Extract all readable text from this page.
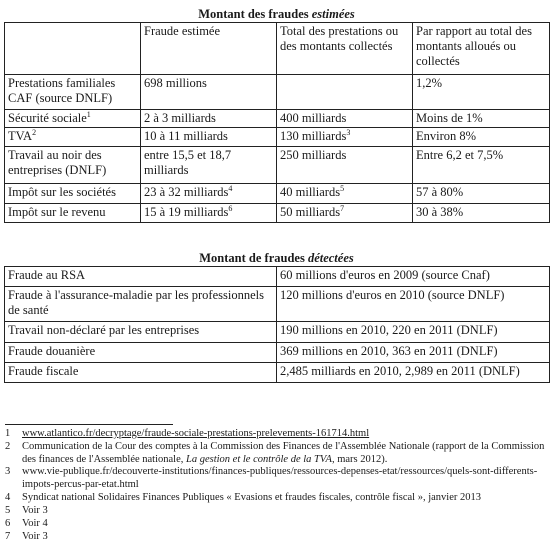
Montant des fraudes estimées
	Fraude estimée	Total des prestations ou des montants collectés	Par rapport au total des montants alloués ou collectés
Prestations familiales CAF (source DNLF)	698 millions		1,2%
Sécurité sociale$^1$	2 à 3 milliards	400 milliards	Moins de 1%
TVA$^2$	10 à 11 milliards	130 milliards$^3$	Environ 8%
Travail au noir des entreprises (DNLF)	entre 15,5 et 18,7 milliards	250 milliards	Entre 6,2 et 7,5%
Impôt sur les sociétés	23 à 32 milliards$^4$	40 milliards$^5$	57 à 80%
Impôt sur le revenu	15 à 19 milliards$^6$	50 milliards$^7$	30 à 38%
Montant de fraudes détectées
Fraude au RSA	60 millions d'euros en 2009 (source Cnaf)
Fraude à l'assurance-maladie par les professionnels de santé	120 millions d'euros en 2010 (source DNLF)
Travail non-déclaré par les entreprises	190 millions en 2010, 220 en 2011 (DNLF)
Fraude douanière	369 millions en 2010, 363 en 2011 (DNLF)
Fraude fiscale	2,485 milliards en 2010, 2,989 en 2011 (DNLF)
1 www.atlantico.fr/decryptage/fraude-sociale-prestations-prelevements-161714.html
2 Communication de la Cour des comptes à la Commission des Finances de l'Assemblée Nationale (rapport de la Commission des finances de l'Assemblée nationale, La gestion et le contrôle de la TVA, mars 2012).
3 www.vie-publique.fr/decouverte-institutions/finances-publiques/ressources-depenses-etat/ressources/quels-sont-differents-impots-percus-par-etat.html
4 Syndicat national Solidaires Finances Publiques « Evasions et fraudes fiscales, contrôle fiscal », janvier 2013
5 Voir 3
6 Voir 4
7 Voir 3
